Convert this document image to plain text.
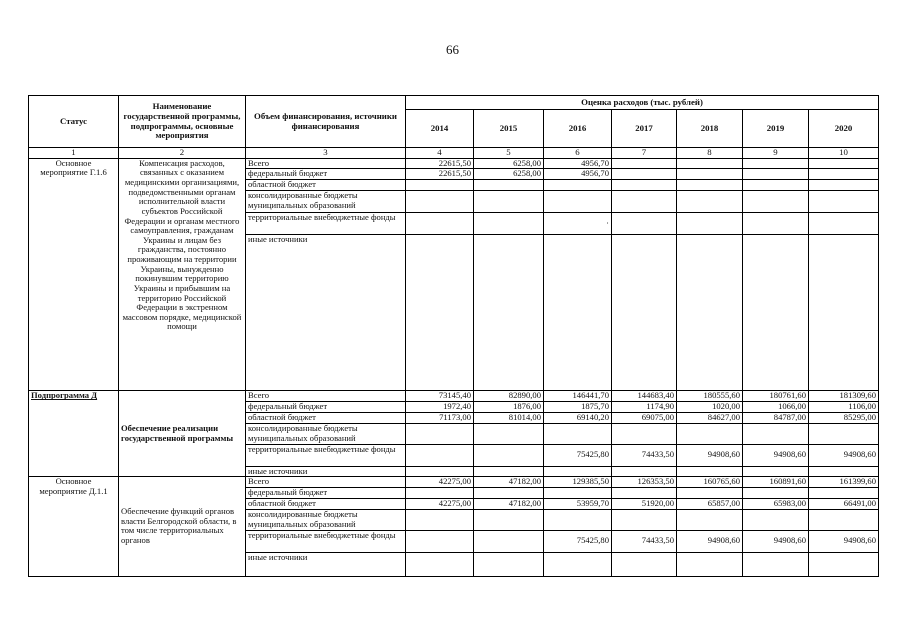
66
Статус	Наименование государственной программы, подпрограммы, основные мероприятия	Объем финансирования, источники финансирования	Оценка расходов (тыс. рублей)						
			2014	2015	2016	2017	2018	2019	2020
1	2	3	4	5	6	7	8	9	10
Основное мероприятие Г.1.6	Компенсация расходов, связанных с оказанием медицинскими организациями, подведомственными органам исполнительной власти субъектов Российской Федерации и органам местного самоуправления, гражданам Украины и лицам без гражданства, постоянно проживающим на территории Украины, вынужденно покинувшим территорию Украины и прибывшим на территорию Российской Федерации в экстренном массовом порядке, медицинской помощи	Всего	22615,50	6258,00	4956,70				
		федеральный бюджет	22615,50	6258,00	4956,70				
		областной бюджет							
		консолидированные бюджеты муниципальных образований							
		территориальные внебюджетные фонды			·				
		иные источники							
Подпрограмма Д	Обеспечение реализации государственной программы	Всего	73145,40	82890,00	146441,70	144683,40	180555,60	180761,60	181309,60
		федеральный бюджет	1972,40	1876,00	1875,70	1174,90	1020,00	1066,00	1106,00
		областной бюджет	71173,00	81014,00	69140,20	69075,00	84627,00	84787,00	85295,00
		консолидированные бюджеты муниципальных образований							
		территориальные внебюджетные фонды			75425,80	74433,50	94908,60	94908,60	94908,60
		иные источники							
Основное мероприятие Д.1.1	Обеспечение функций органов власти Белгородской области, в том числе территориальных органов	Всего	42275,00	47182,00	129385,50	126353,50	160765,60	160891,60	161399,60
		федеральный бюджет							
		областной бюджет	42275,00	47182,00	53959,70	51920,00	65857,00	65983,00	66491,00
		консолидированные бюджеты муниципальных образований							
		территориальные внебюджетные фонды			75425,80	74433,50	94908,60	94908,60	94908,60
		иные источники							
